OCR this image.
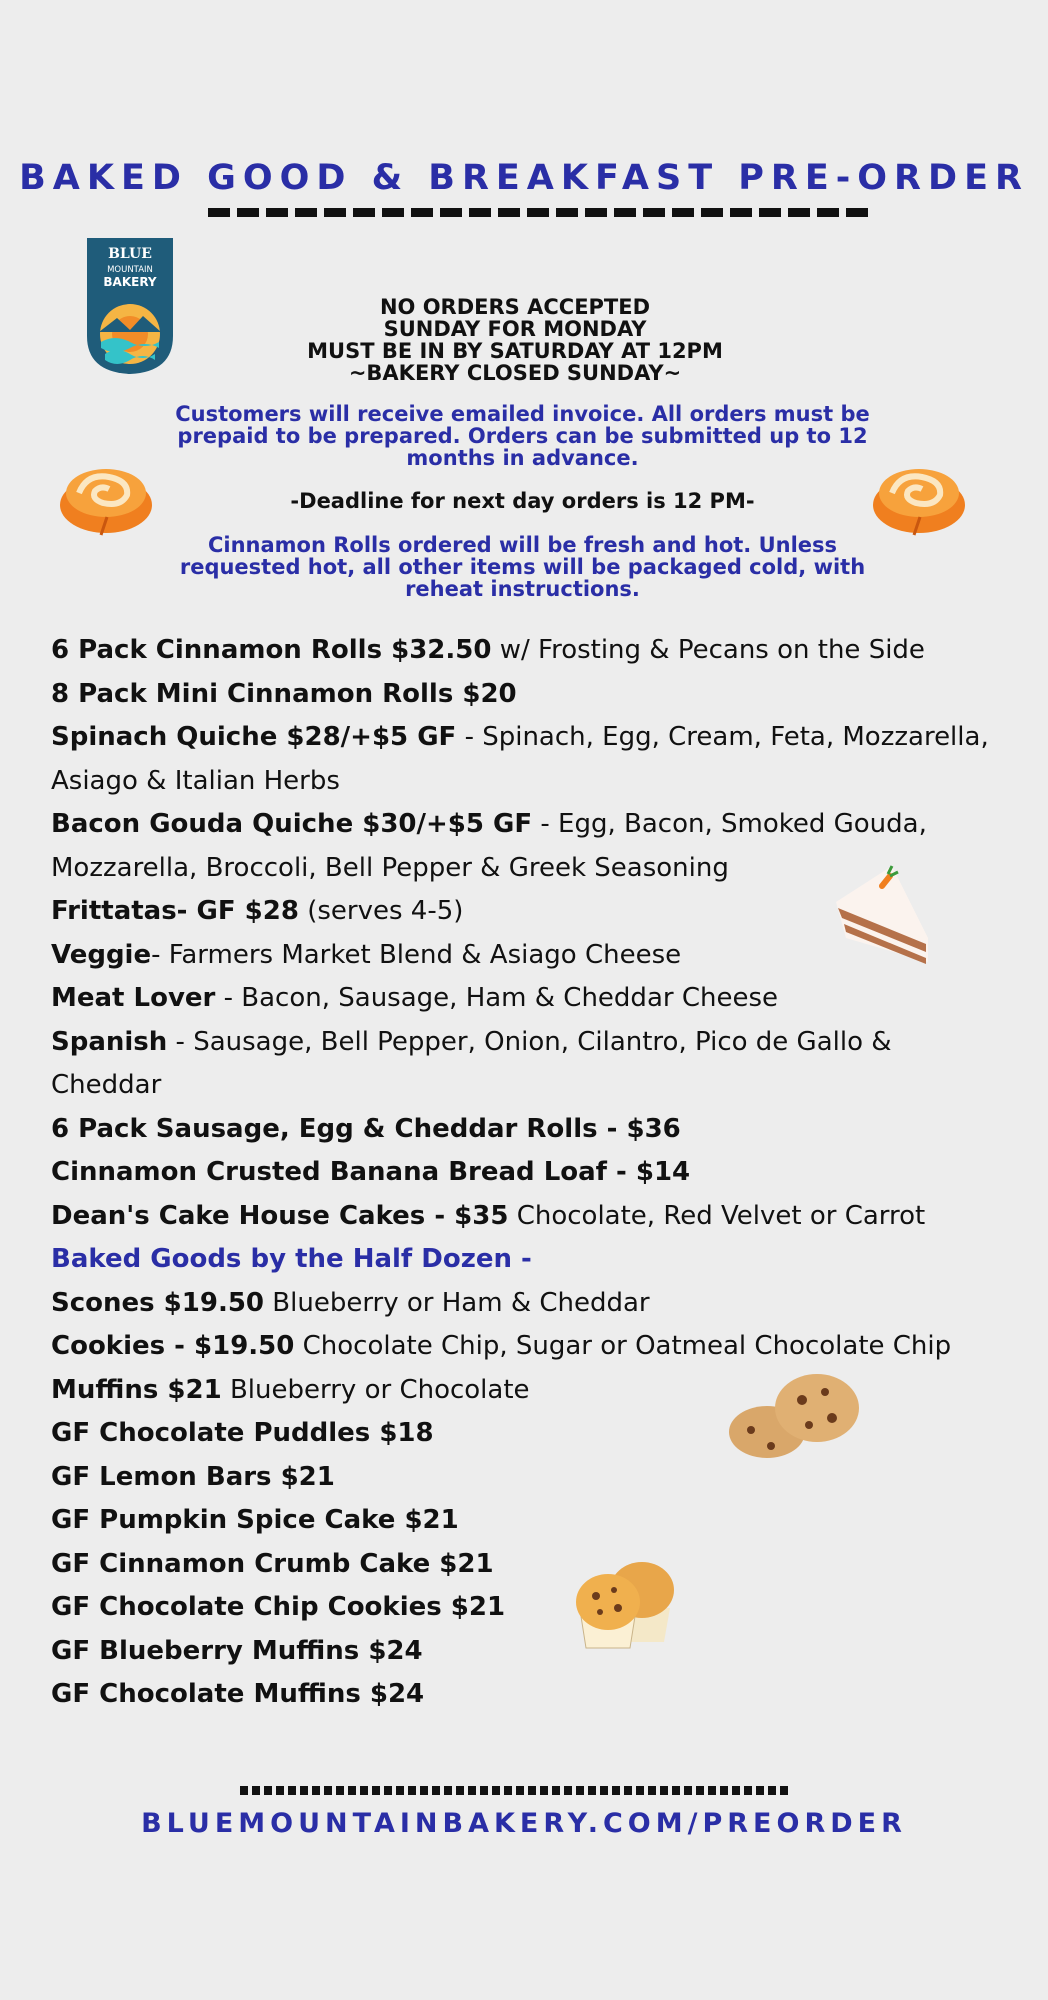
BAKED GOOD & BREAKFAST PRE-ORDER
BLUE
MOUNTAIN
BAKERY
NO ORDERS ACCEPTED
SUNDAY FOR MONDAY
MUST BE IN BY SATURDAY AT 12PM
~BAKERY CLOSED SUNDAY~
Customers will receive emailed invoice. All orders must be
prepaid to be prepared. Orders can be submitted up to 12
months in advance.
-Deadline for next day orders is 12 PM-
Cinnamon Rolls ordered will be fresh and hot. Unless
requested hot, all other items will be packaged cold, with
reheat instructions.
6 Pack Cinnamon Rolls $32.50 w/ Frosting & Pecans on the Side
8 Pack Mini Cinnamon Rolls $20
Spinach Quiche $28/+$5 GF - Spinach, Egg, Cream, Feta, Mozzarella,
Asiago & Italian Herbs
Bacon Gouda Quiche $30/+$5 GF - Egg, Bacon, Smoked Gouda,
Mozzarella, Broccoli, Bell Pepper & Greek Seasoning
Frittatas- GF $28 (serves 4-5)
Veggie- Farmers Market Blend & Asiago Cheese
Meat Lover - Bacon, Sausage, Ham & Cheddar Cheese
Spanish - Sausage, Bell Pepper, Onion, Cilantro, Pico de Gallo &
Cheddar
6 Pack Sausage, Egg & Cheddar Rolls - $36
Cinnamon Crusted Banana Bread Loaf - $14
Dean's Cake House Cakes - $35 Chocolate, Red Velvet or Carrot
Baked Goods by the Half Dozen -
Scones $19.50 Blueberry or Ham & Cheddar
Cookies - $19.50 Chocolate Chip, Sugar or Oatmeal Chocolate Chip
Muffins $21 Blueberry or Chocolate
GF Chocolate Puddles $18
GF Lemon Bars $21
GF Pumpkin Spice Cake $21
GF Cinnamon Crumb Cake $21
GF Chocolate Chip Cookies $21
GF Blueberry Muffins $24
GF Chocolate Muffins $24
BLUEMOUNTAINBAKERY.COM/PREORDER
